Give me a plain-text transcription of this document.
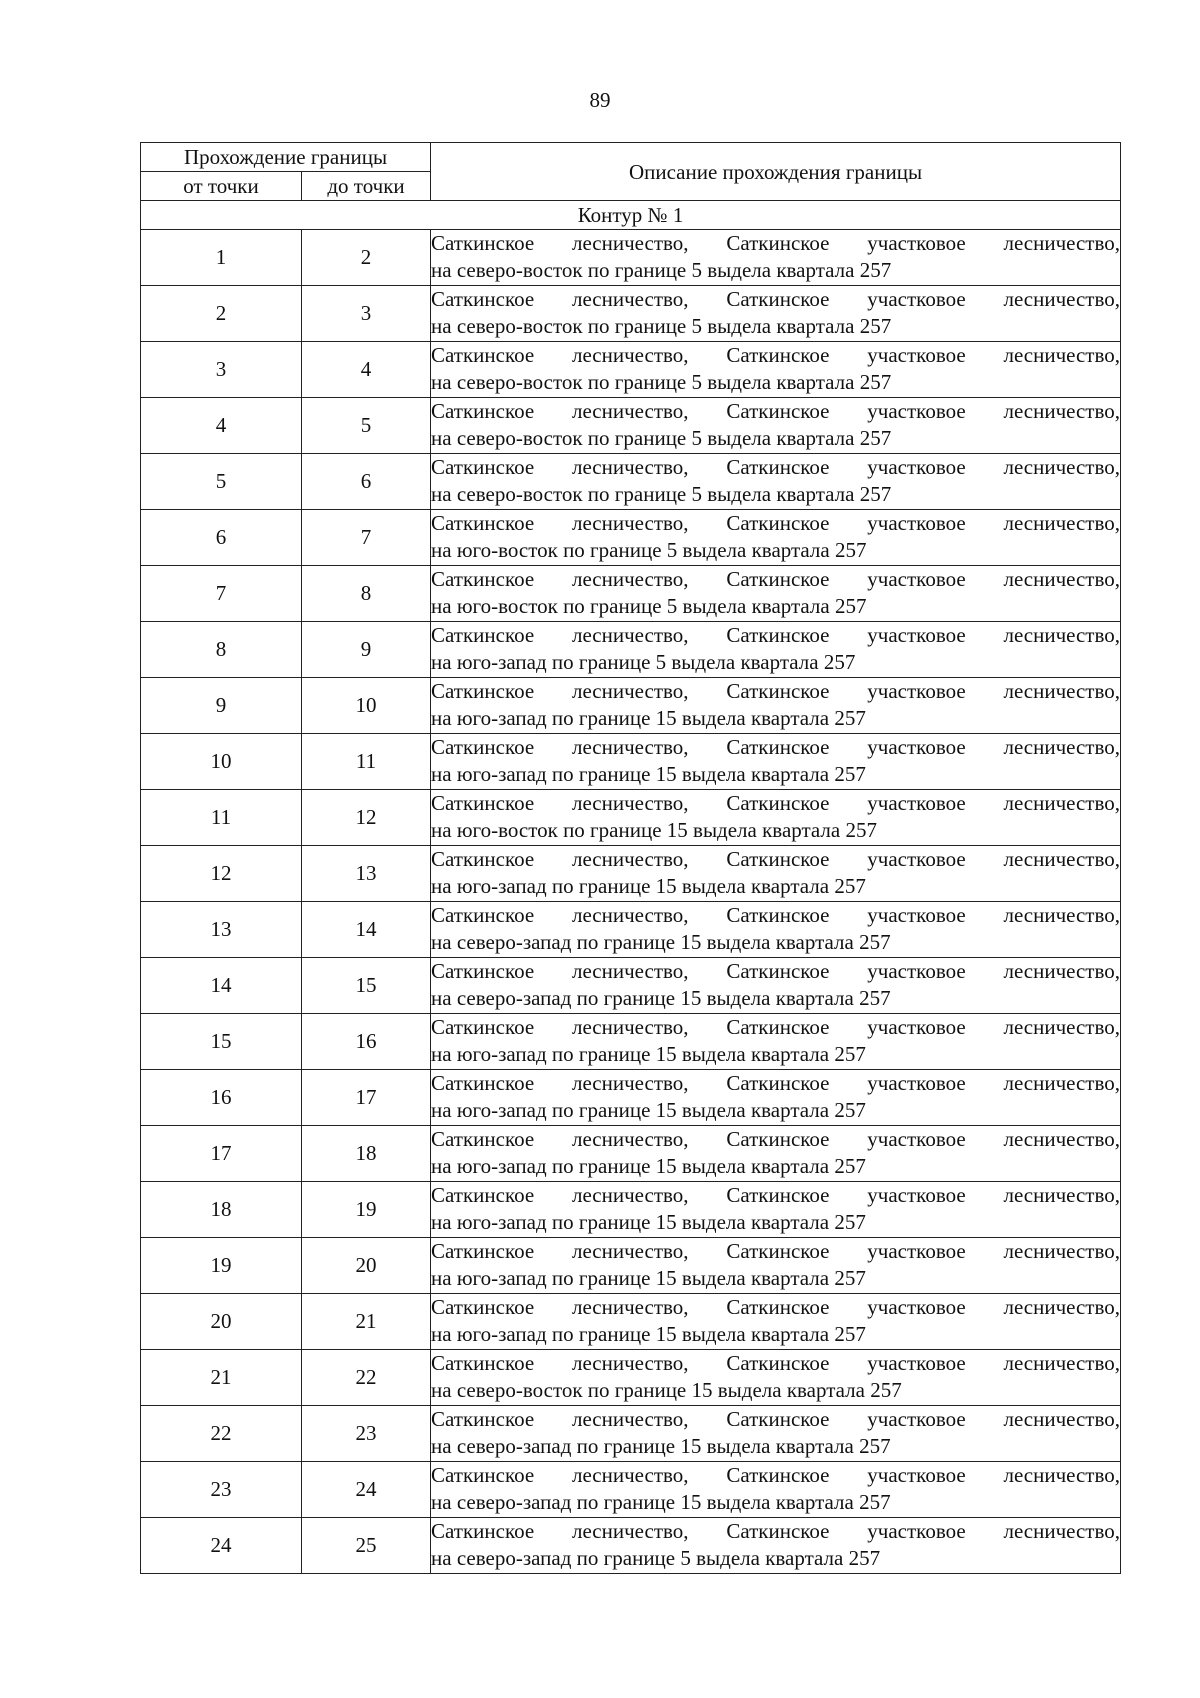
89
Прохождение границы		Описание прохождения границы
от точки	до точки	
Контур № 1		
1	2	Саткинское лесничество, Саткинское участковое лесничество,
на северо-восток по границе 5 выдела квартала 257

2	3	Саткинское лесничество, Саткинское участковое лесничество,
на северо-восток по границе 5 выдела квартала 257

3	4	Саткинское лесничество, Саткинское участковое лесничество,
на северо-восток по границе 5 выдела квартала 257

4	5	Саткинское лесничество, Саткинское участковое лесничество,
на северо-восток по границе 5 выдела квартала 257

5	6	Саткинское лесничество, Саткинское участковое лесничество,
на северо-восток по границе 5 выдела квартала 257

6	7	Саткинское лесничество, Саткинское участковое лесничество,
на юго-восток по границе 5 выдела квартала 257

7	8	Саткинское лесничество, Саткинское участковое лесничество,
на юго-восток по границе 5 выдела квартала 257

8	9	Саткинское лесничество, Саткинское участковое лесничество,
на юго-запад по границе 5 выдела квартала 257

9	10	Саткинское лесничество, Саткинское участковое лесничество,
на юго-запад по границе 15 выдела квартала 257

10	11	Саткинское лесничество, Саткинское участковое лесничество,
на юго-запад по границе 15 выдела квартала 257

11	12	Саткинское лесничество, Саткинское участковое лесничество,
на юго-восток по границе 15 выдела квартала 257

12	13	Саткинское лесничество, Саткинское участковое лесничество,
на юго-запад по границе 15 выдела квартала 257

13	14	Саткинское лесничество, Саткинское участковое лесничество,
на северо-запад по границе 15 выдела квартала 257

14	15	Саткинское лесничество, Саткинское участковое лесничество,
на северо-запад по границе 15 выдела квартала 257

15	16	Саткинское лесничество, Саткинское участковое лесничество,
на юго-запад по границе 15 выдела квартала 257

16	17	Саткинское лесничество, Саткинское участковое лесничество,
на юго-запад по границе 15 выдела квартала 257

17	18	Саткинское лесничество, Саткинское участковое лесничество,
на юго-запад по границе 15 выдела квартала 257

18	19	Саткинское лесничество, Саткинское участковое лесничество,
на юго-запад по границе 15 выдела квартала 257

19	20	Саткинское лесничество, Саткинское участковое лесничество,
на юго-запад по границе 15 выдела квартала 257

20	21	Саткинское лесничество, Саткинское участковое лесничество,
на юго-запад по границе 15 выдела квартала 257

21	22	Саткинское лесничество, Саткинское участковое лесничество,
на северо-восток по границе 15 выдела квартала 257

22	23	Саткинское лесничество, Саткинское участковое лесничество,
на северо-запад по границе 15 выдела квартала 257

23	24	Саткинское лесничество, Саткинское участковое лесничество,
на северо-запад по границе 15 выдела квартала 257

24	25	Саткинское лесничество, Саткинское участковое лесничество,
на северо-запад по границе 5 выдела квартала 257
